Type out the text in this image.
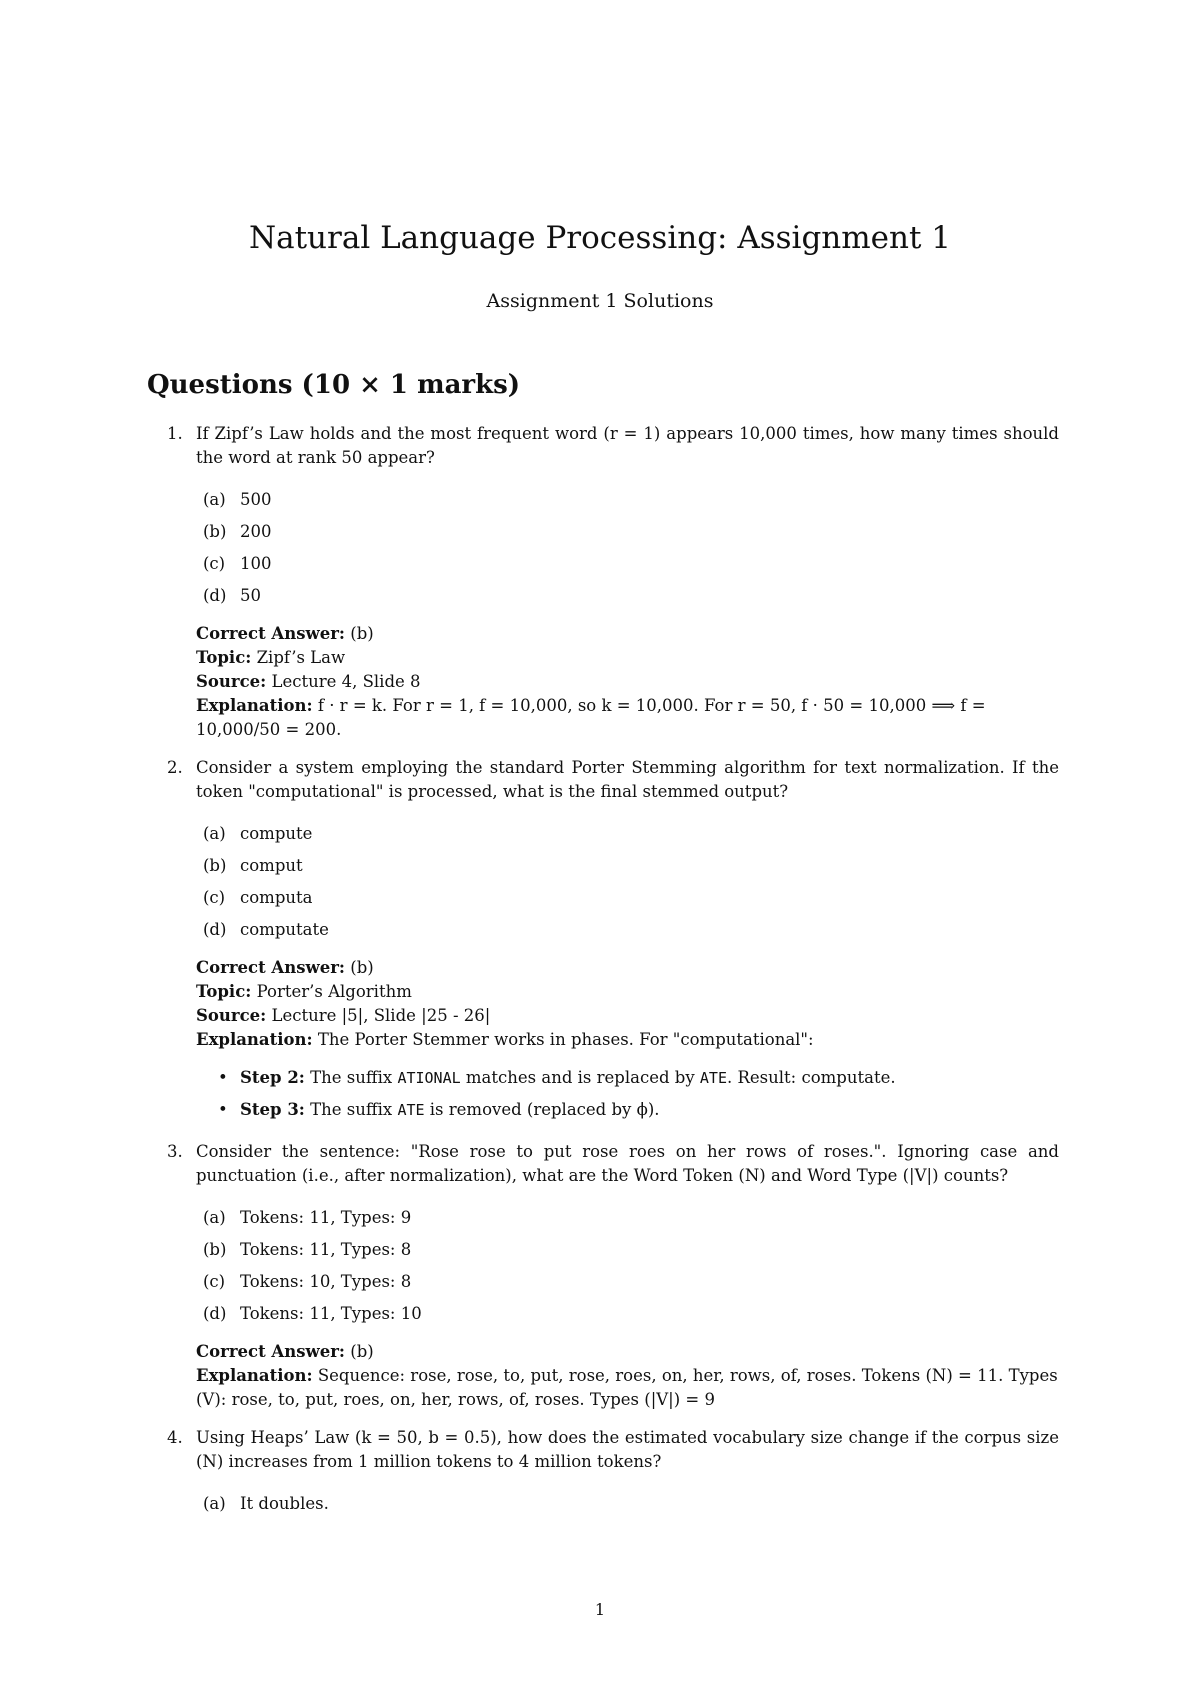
Natural Language Processing: Assignment 1
Assignment 1 Solutions
Questions (10 × 1 marks)
1. If Zipf’s Law holds and the most frequent word (r = 1) appears 10,000 times, how many times should the word at rank 50 appear?

(a) 500
(b) 200
(c) 100
(d) 50
Correct Answer: (b)
Topic: Zipf’s Law
Source: Lecture 4, Slide 8
Explanation: f · r = k. For r = 1, f = 10,000, so k = 10,000. For r = 50, f · 50 = 10,000 ⟹ f = 10,000/50 = 200.
2. Consider a system employing the standard Porter Stemming algorithm for text normalization. If the token "computational" is processed, what is the final stemmed output?

(a) compute
(b) comput
(c) computa
(d) computate
Correct Answer: (b)
Topic: Porter’s Algorithm
Source: Lecture |5|, Slide |25 - 26|
Explanation: The Porter Stemmer works in phases. For "computational":
• Step 2: The suffix ATIONAL matches and is replaced by ATE. Result: computate.
• Step 3: The suffix ATE is removed (replaced by ϕ).
3. Consider the sentence: "Rose rose to put rose roes on her rows of roses.". Ignoring case and punctuation (i.e., after normalization), what are the Word Token (N) and Word Type (|V|) counts?

(a) Tokens: 11, Types: 9
(b) Tokens: 11, Types: 8
(c) Tokens: 10, Types: 8
(d) Tokens: 11, Types: 10
Correct Answer: (b)
Explanation: Sequence: rose, rose, to, put, rose, roes, on, her, rows, of, roses. Tokens (N) = 11. Types (V): rose, to, put, roes, on, her, rows, of, roses. Types (|V|) = 9
4. Using Heaps’ Law (k = 50, b = 0.5), how does the estimated vocabulary size change if the corpus size (N) increases from 1 million tokens to 4 million tokens?

(a) It doubles.
1
